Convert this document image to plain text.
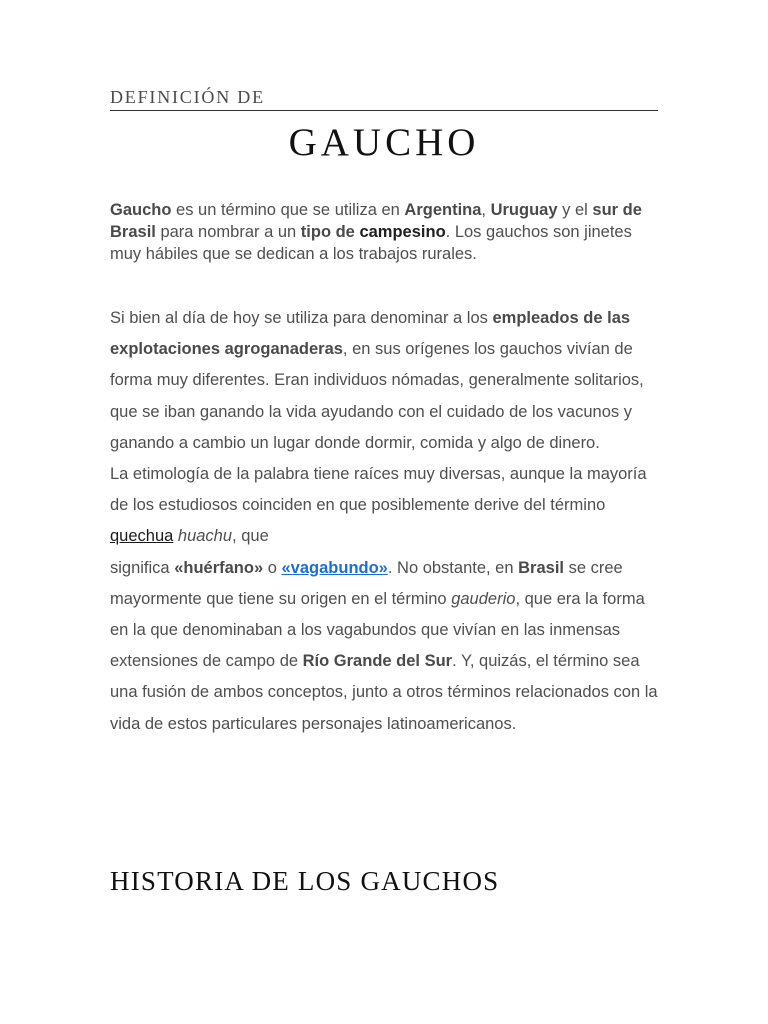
DEFINICIÓN DE
GAUCHO

Gaucho es un término que se utiliza en Argentina, Uruguay y el sur de Brasil para nombrar a un tipo de campesino. Los gauchos son jinetes muy hábiles que se dedican a los trabajos rurales.

Si bien al día de hoy se utiliza para denominar a los empleados de las explotaciones agroganaderas, en sus orígenes los gauchos vivían de forma muy diferentes. Eran individuos nómadas, generalmente solitarios, que se iban ganando la vida ayudando con el cuidado de los vacunos y ganando a cambio un lugar donde dormir, comida y algo de dinero.
La etimología de la palabra tiene raíces muy diversas, aunque la mayoría de los estudiosos coinciden en que posiblemente derive del término quechua huachu, que
significa «huérfano» o «vagabundo». No obstante, en Brasil se cree mayormente que tiene su origen en el término gauderio, que era la forma en la que denominaban a los vagabundos que vivían en las inmensas extensiones de campo de Río Grande del Sur. Y, quizás, el término sea una fusión de ambos conceptos, junto a otros términos relacionados con la vida de estos particulares personajes latinoamericanos.
HISTORIA DE LOS GAUCHOS
